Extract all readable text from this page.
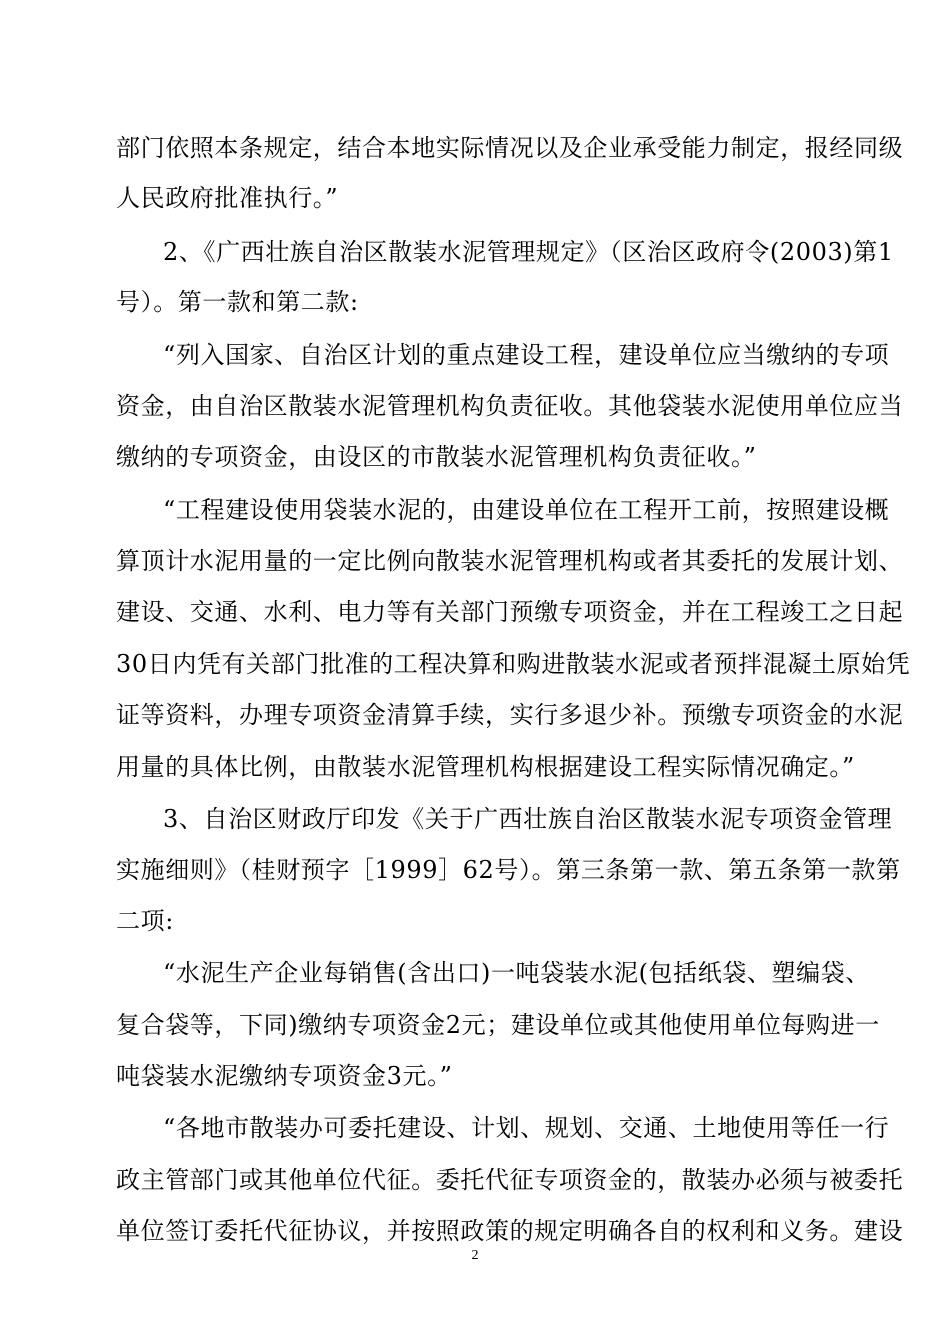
部门依照本条规定，结合本地实际情况以及企业承受能力制定，报经同级
人民政府批准执行。”
2、《广西壮族自治区散装水泥管理规定》（区治区政府令(2003)第1
号）。第一款和第二款:
“列入国家、自治区计划的重点建设工程，建设单位应当缴纳的专项
资金，由自治区散装水泥管理机构负责征收。其他袋装水泥使用单位应当
缴纳的专项资金，由设区的市散装水泥管理机构负责征收。”
“工程建设使用袋装水泥的，由建设单位在工程开工前，按照建设概
算顶计水泥用量的一定比例向散装水泥管理机构或者其委托的发展计划、
建设、交通、水利、电力等有关部门预缴专项资金，并在工程竣工之日起
30日内凭有关部门批准的工程决算和购进散装水泥或者预拌混凝土原始凭
证等资料，办理专项资金清算手续，实行多退少补。预缴专项资金的水泥
用量的具体比例，由散装水泥管理机构根据建设工程实际情况确定。”
3、自治区财政厅印发《关于广西壮族自治区散装水泥专项资金管理
实施细则》（桂财预字［1999］62号）。第三条第一款、第五条第一款第
二项:
“水泥生产企业每销售(含出口)一吨袋装水泥(包括纸袋、塑编袋、
复合袋等，下同)缴纳专项资金2元；建设单位或其他使用单位每购进一
吨袋装水泥缴纳专项资金3元。”
“各地市散装办可委托建设、计划、规划、交通、土地使用等任一行
政主管部门或其他单位代征。委托代征专项资金的，散装办必须与被委托
单位签订委托代征协议，并按照政策的规定明确各自的权利和义务。建设
2
